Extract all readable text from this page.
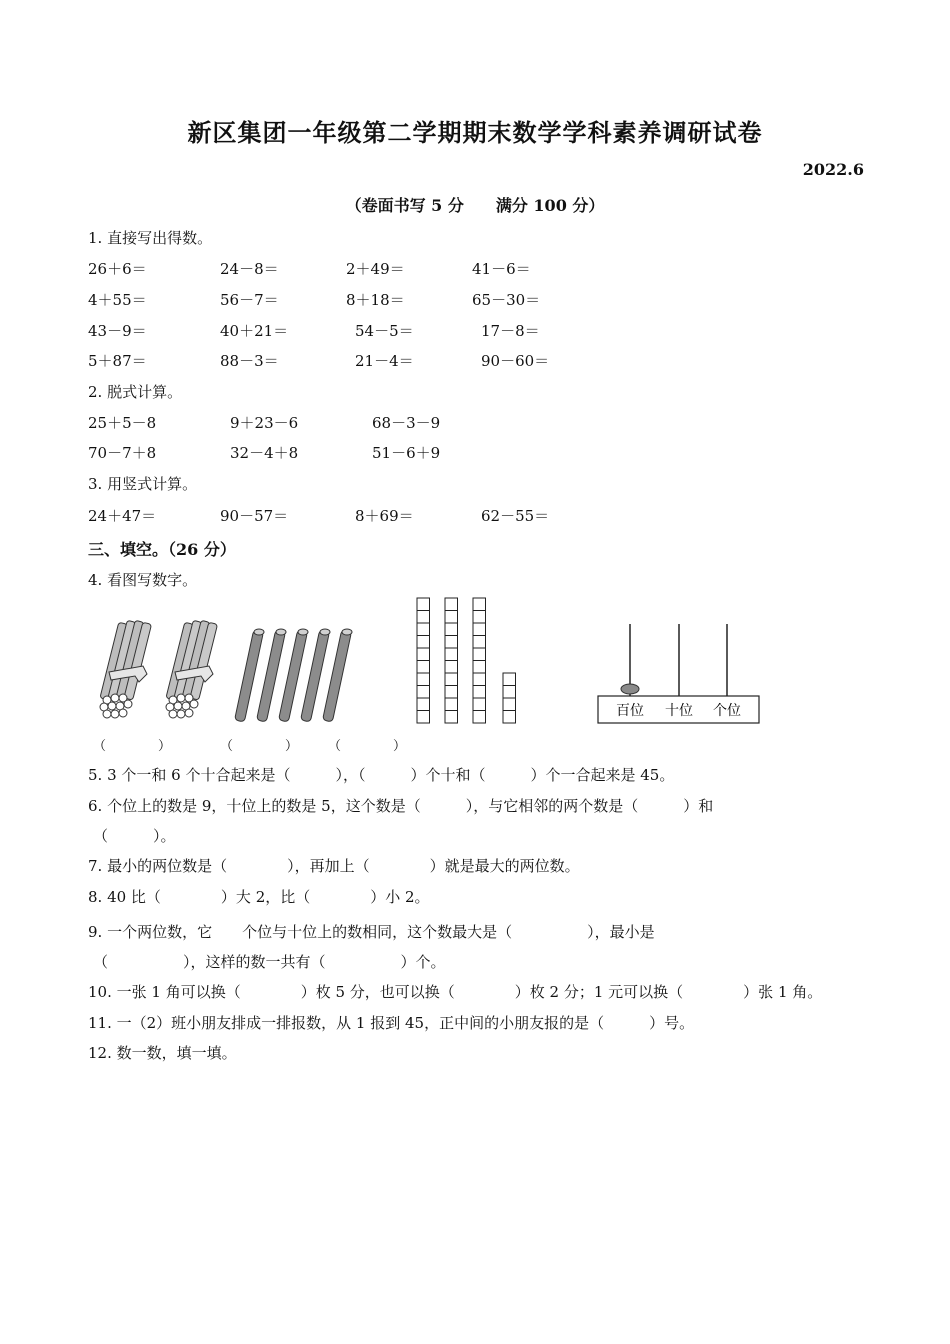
新区集团一年级第二学期期末数学学科素养调研试卷
2022.6
（卷面书写 5 分　　满分 100 分）
1. 直接写出得数。
26＋6＝	24－8＝	2＋49＝	41－6＝
4＋55＝	56－7＝	8＋18＝	65－30＝
43－9＝	40＋21＝	54－5＝	17－8＝
5＋87＝	88－3＝	21－4＝	90－60＝
2. 脱式计算。
25＋5－8	9＋23－6	68－3－9
70－7＋8	32－4＋8	51－6＋9
3. 用竖式计算。
24＋47＝	90－57＝	8＋69＝	62－55＝
三、填空。（26 分）
4. 看图写数字。
百位 十位 个位
（　　　　）	（　　　　） （　　　　）
5. 3 个一和 6 个十合起来是（　　　），（　　　）个十和（　　　）个一合起来是 45。
6. 个位上的数是 9，十位上的数是 5，这个数是（　　　），与它相邻的两个数是（　　　）和
（　　　）。
7. 最小的两位数是（　　　　），再加上（　　　　）就是最大的两位数。
8. 40 比（　　　　）大 2，比（　　　　）小 2。
9. 一个两位数，它　　个位与十位上的数相同，这个数最大是（　　　　　），最小是
（　　　　　），这样的数一共有（　　　　　）个。
10. 一张 1 角可以换（　　　　）枚 5 分，也可以换（　　　　）枚 2 分；1 元可以换（　　　　）张 1 角。
11. 一（2）班小朋友排成一排报数，从 1 报到 45，正中间的小朋友报的是（　　　）号。
12. 数一数，填一填。
